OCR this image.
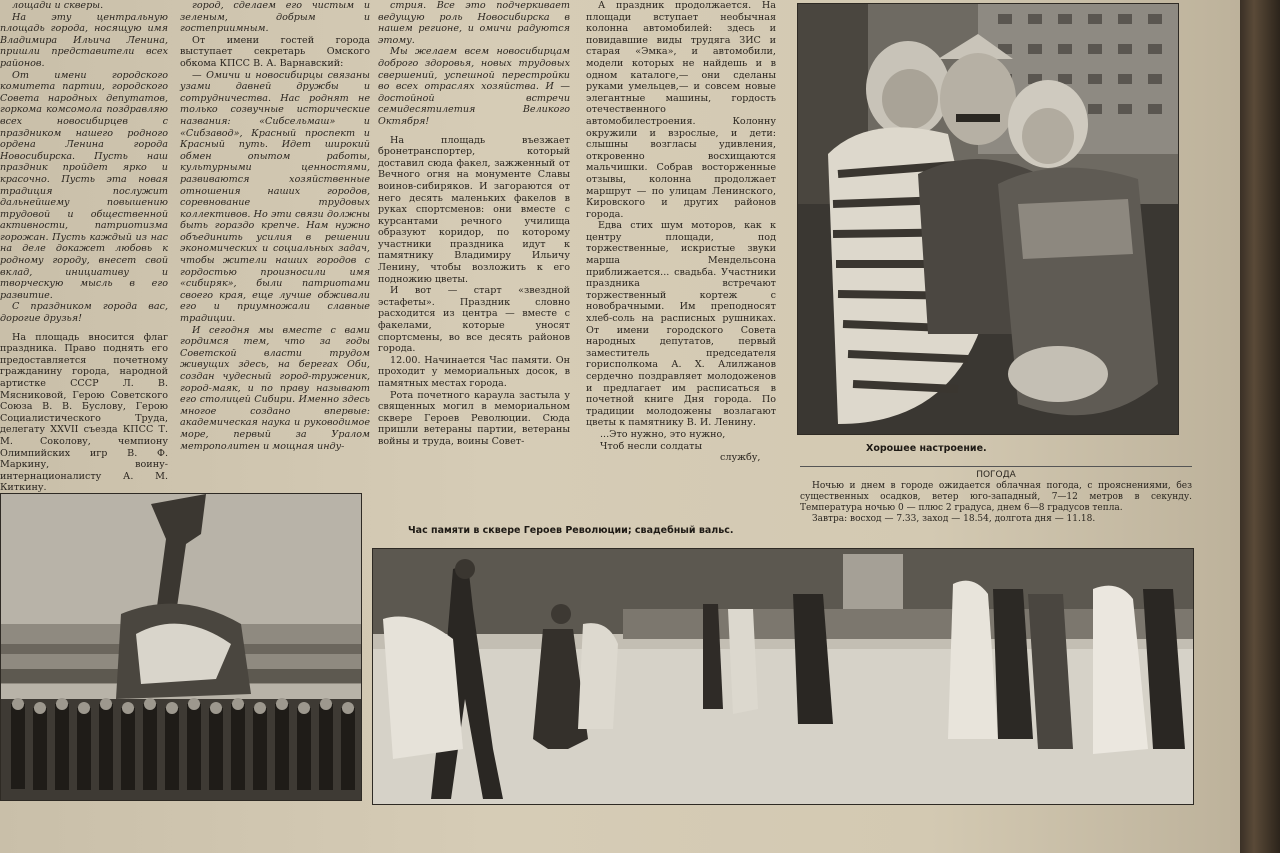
лощади и скверы.

На эту центральную площадь города, носящую имя Владимира Ильича Ленина, пришли представители всех районов.

От имени городского комитета партии, городского Совета народных депутатов, горкома комсомола поздравляю всех новосибирцев с праздником нашего родного ордена Ленина города Новосибирска. Пусть наш праздник пройдет ярко и красочно. Пусть эта новая традиция послужит дальнейшему повышению трудовой и общественной активности, патриотизма горожан. Пусть каждый из нас на деле докажет любовь к родному городу, внесет свой вклад, инициативу и творческую мысль в его развитие.

С праздником города вас, дорогие друзья!

На площадь вносится флаг праздника. Право поднять его предоставляется почетному гражданину города, народной артистке СССР Л. В. Мясниковой, Герою Советского Союза В. В. Буслову, Герою Социалистического Труда, делегату XXVII съезда КПСС Т. М. Соколову, чемпиону Олимпийских игр В. Ф. Маркину, воину-интернационалисту А. М. Киткину.

город, сделаем его чистым и зеленым, добрым и гостеприимным.

От имени гостей города выступает секретарь Омского обкома КПСС В. А. Варнавский:

— Омичи и новосибирцы связаны узами давней дружбы и сотрудничества. Нас роднят не только созвучные исторические названия: «Сибсельмаш» и «Сибзавод», Красный проспект и Красный путь. Идет широкий обмен опытом работы, культурными ценностями, развиваются хозяйственные отношения наших городов, соревнование трудовых коллективов. Но эти связи должны быть гораздо крепче. Нам нужно объединить усилия в решении экономических и социальных задач, чтобы жители наших городов с гордостью произносили имя «сибиряк», были патриотами своего края, еще лучше обживали его и приумножали славные традиции.

И сегодня мы вместе с вами гордимся тем, что за годы Советской власти трудом живущих здесь, на берегах Оби, создан чудесный город-труженик, город-маяк, и по праву называют его столицей Сибири. Именно здесь многое создано впервые: академическая наука и руководимое море, первый за Уралом метрополитен и мощная инду-

стрия. Все это подчеркивает ведущую роль Новосибирска в нашем регионе, и омичи радуются этому.

Мы желаем всем новосибирцам доброго здоровья, новых трудовых свершений, успешной перестройки во всех отраслях хозяйства. И — достойной встречи семидесятилетия Великого Октября!

На площадь въезжает бронетранспортер, который доставил сюда факел, зажженный от Вечного огня на монументе Славы воинов-сибиряков. И загораются от него десять маленьких факелов в руках спортсменов: они вместе с курсантами речного училища образуют коридор, по которому участники праздника идут к памятнику Владимиру Ильичу Ленину, чтобы возложить к его подножию цветы.

И вот — старт «звездной эстафеты». Праздник словно расходится из центра — вместе с факелами, которые уносят спортсмены, во все десять районов города.

12.00. Начинается Час памяти. Он проходит у мемориальных досок, в памятных местах города.

Рота почетного караула застыла у священных могил в мемориальном сквере Героев Революции. Сюда пришли ветераны партии, ветераны войны и труда, воины Совет-

А праздник продолжается. На площади вступает необычная колонна автомобилей: здесь и повидавшие виды трудяга ЗИС и старая «Эмка», и автомобили, модели которых не найдешь и в одном каталоге,— они сделаны руками умельцев,— и совсем новые элегантные машины, гордость отечественного автомобилестроения. Колонну окружили и взрослые, и дети: слышны возгласы удивления, откровенно восхищаются мальчишки. Собрав восторженные отзывы, колонна продолжает маршрут — по улицам Ленинского, Кировского и других районов города.

Едва стих шум моторов, как к центру площади, под торжественные, искристые звуки марша Мендельсона приближается... свадьба. Участники праздника встречают торжественный кортеж с новобрачными. Им преподносят хлеб-соль на расписных рушниках. От имени городского Совета народных депутатов, первый заместитель председателя горисполкома А. Х. Алилжанов сердечно поздравляет молодоженов и предлагает им расписаться в почетной книге Дня города. По традиции молодожены возлагают цветы к памятнику В. И. Ленину.

...Это нужно, это нужно,
Чтоб несли солдаты
службу,
Хорошее настроение.
ПОГОДА

Ночью и днем в городе ожидается облачная погода, с прояснениями, без существенных осадков, ветер юго-западный, 7—12 метров в секунду. Температура ночью 0 — плюс 2 градуса, днем 6—8 градусов тепла.

Завтра: восход — 7.33, заход — 18.54, долгота дня — 11.18.

Час памяти в сквере Героев Революции; свадебный вальс.
